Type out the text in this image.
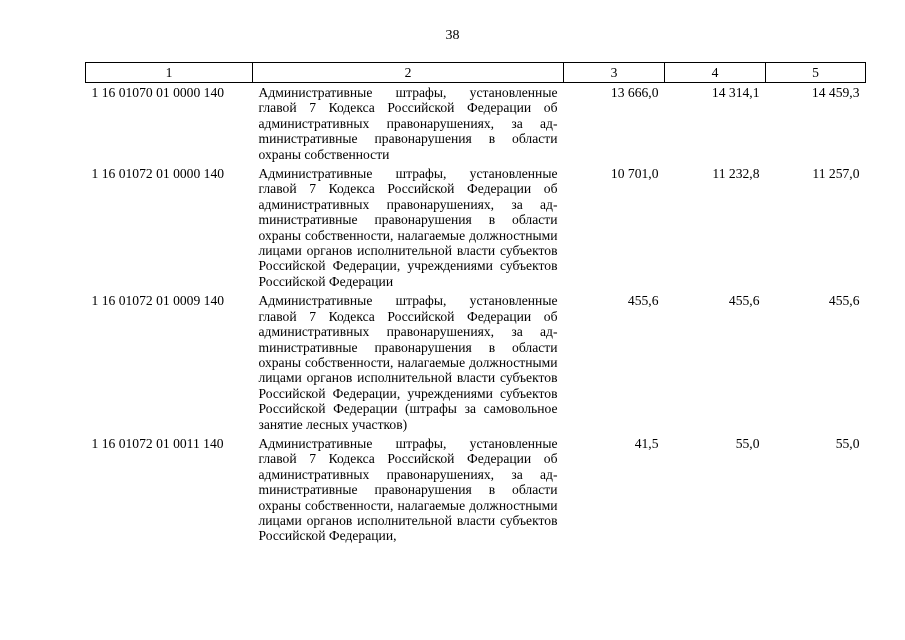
38
1	2	3	4	5
1 16 01070 01 0000 140	Административные штрафы, установленные главой 7 Кодекса Российской Федерации об административных правонарушениях, за адmинистративные правонарушения в области охраны собственности	13 666,0	14 314,1	14 459,3
1 16 01072 01 0000 140	Административные штрафы, установленные главой 7 Кодекса Российской Федерации об административных правонарушениях, за адmинистративные правонарушения в области охраны собственности, налагаемые должностными лицами органов исполнительной власти субъектов Российской Федерации, учреждениями субъектов Российской Федерации	10 701,0	11 232,8	11 257,0
1 16 01072 01 0009 140	Административные штрафы, установленные главой 7 Кодекса Российской Федерации об административных правонарушениях, за адmинистративные правонарушения в области охраны собственности, налагаемые должностными лицами органов исполнительной власти субъектов Российской Федерации, учреждениями субъектов Российской Федерации (штрафы за самовольное занятие лесных участков)	455,6	455,6	455,6
1 16 01072 01 0011 140	Административные штрафы, установленные главой 7 Кодекса Российской Федерации об административных правонарушениях, за адmинистративные правонарушения в области охраны собственности, налагаемые должностными лицами органов исполнительной власти субъектов Российской Федерации,	41,5	55,0	55,0
